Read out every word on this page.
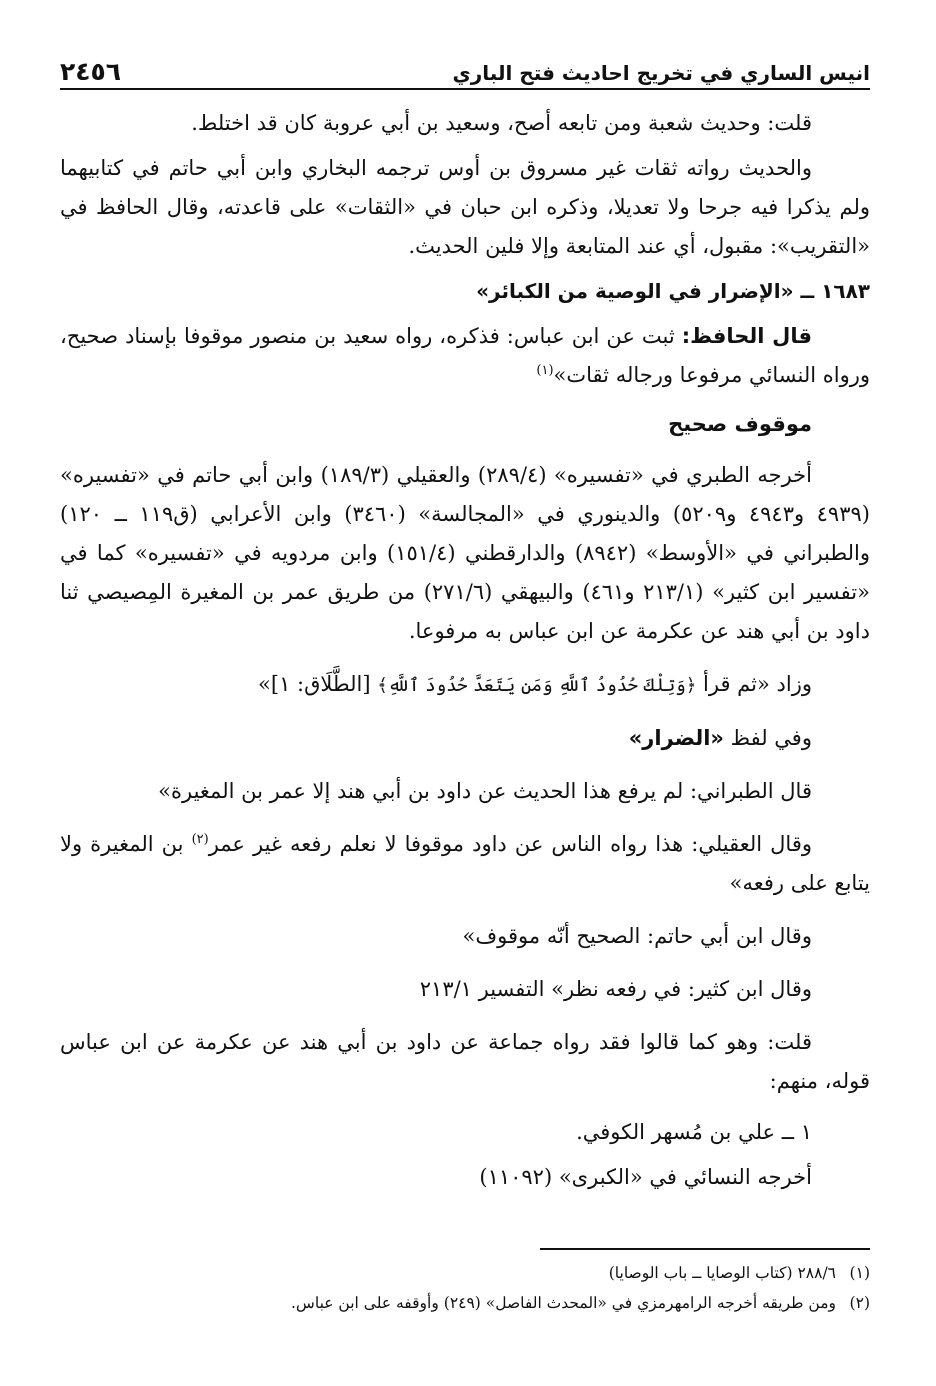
انيس الساري في تخريج احاديث فتح الباري
٢٤٥٦

قلت: وحديث شعبة ومن تابعه أصح، وسعيد بن أبي عروبة كان قد اختلط.

والحديث رواته ثقات غير مسروق بن أوس ترجمه البخاري وابن أبي حاتم في كتابيهما ولم يذكرا فيه جرحا ولا تعديلا، وذكره ابن حبان في «الثقات» على قاعدته، وقال الحافظ في «التقريب»: مقبول، أي عند المتابعة وإلا فلين الحديث.

١٦٨٣ ــ «الإضرار في الوصية من الكبائر»

قال الحافظ: ثبت عن ابن عباس: فذكره، رواه سعيد بن منصور موقوفا بإسناد صحيح، ورواه النسائي مرفوعا ورجاله ثقات»$^{(١)}$

موقوف صحيح

أخرجه الطبري في «تفسيره» (٢٨٩/٤) والعقيلي (١٨٩/٣) وابن أبي حاتم في «تفسيره» (٤٩٣٩ و٤٩٤٣ و٥٢٠٩) والدينوري في «المجالسة» (٣٤٦٠) وابن الأعرابي (ق١١٩ ــ ١٢٠) والطبراني في «الأوسط» (٨٩٤٢) والدارقطني (١٥١/٤) وابن مردويه في «تفسيره» كما في «تفسير ابن كثير» (٢١٣/١ و٤٦١) والبيهقي (٢٧١/٦) من طريق عمر بن المغيرة المِصيصي ثنا داود بن أبي هند عن عكرمة عن ابن عباس به مرفوعا.

وزاد «ثم قرأ ﴿وَتِلْكَ حُدُودُ ٱللَّهِ وَمَن يَتَعَدَّ حُدُودَ ٱللَّهِ﴾ [الطَّلَاق: ١]»

وفي لفظ «الضرار»

قال الطبراني: لم يرفع هذا الحديث عن داود بن أبي هند إلا عمر بن المغيرة»

وقال العقيلي: هذا رواه الناس عن داود موقوفا لا نعلم رفعه غير عمر$^{(٢)}$ بن المغيرة ولا يتابع على رفعه»

وقال ابن أبي حاتم: الصحيح أنّه موقوف»

وقال ابن كثير: في رفعه نظر» التفسير ٢١٣/١

قلت: وهو كما قالوا فقد رواه جماعة عن داود بن أبي هند عن عكرمة عن ابن عباس قوله، منهم:

١ ــ علي بن مُسهر الكوفي.

أخرجه النسائي في «الكبرى» (١١٠٩٢)

(١)
٢٨٨/٦ (كتاب الوصايا ــ باب الوصايا)
(٢)
ومن طريقه أخرجه الرامهرمزي في «المحدث الفاصل» (٢٤٩) وأوقفه على ابن عباس.
